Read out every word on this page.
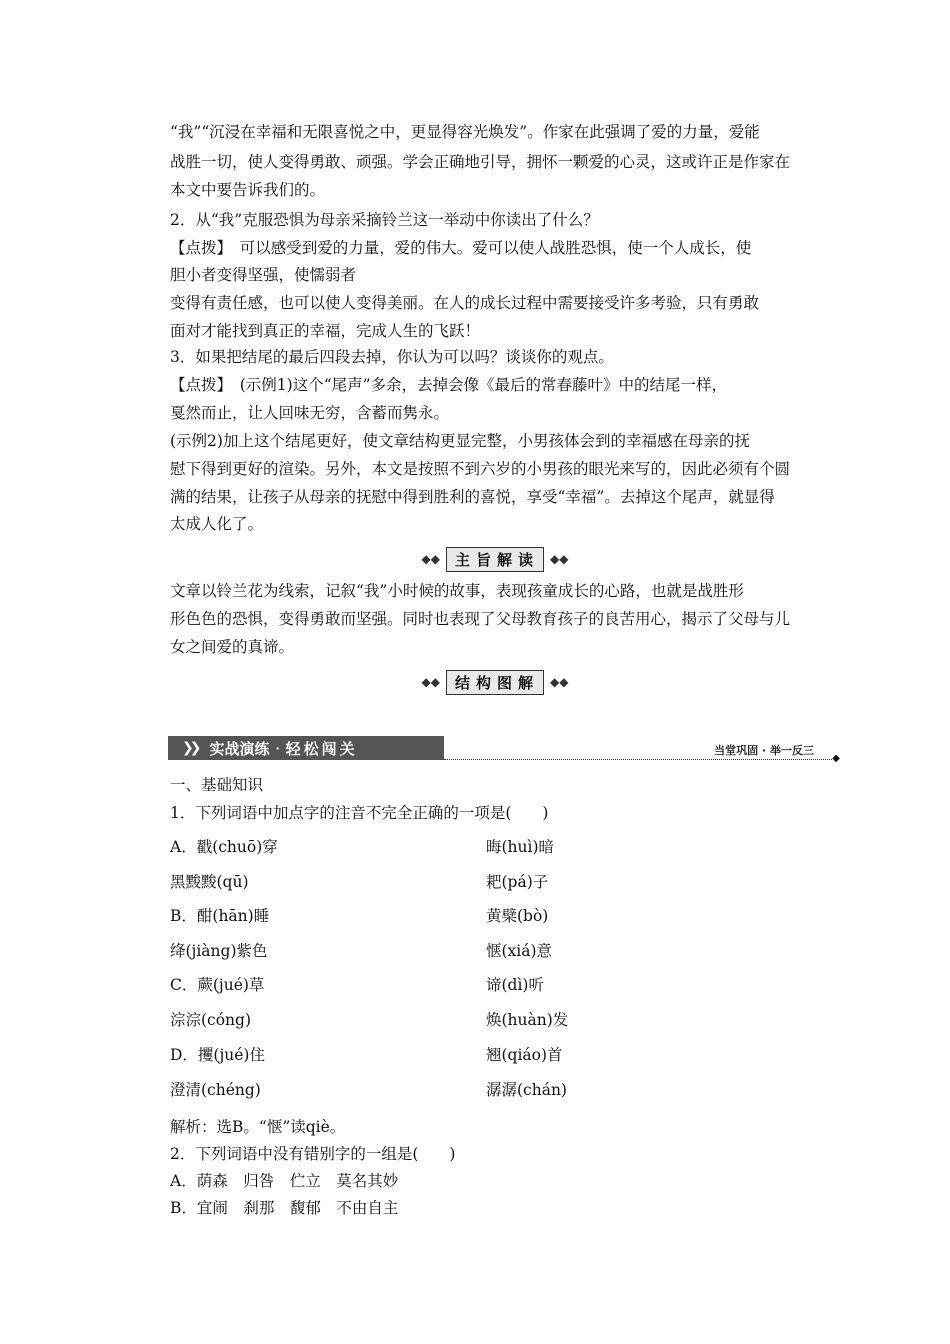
“我”“沉浸在幸福和无限喜悦之中，更显得容光焕发”。作家在此强调了爱的力量，爱能
战胜一切，使人变得勇敢、顽强。学会正确地引导，拥怀一颗爱的心灵，这或许正是作家在
本文中要告诉我们的。
2．从“我”克服恐惧为母亲采摘铃兰这一举动中你读出了什么？
【点拨】　可以感受到爱的力量，爱的伟大。爱可以使人战胜恐惧，使一个人成长，使
胆小者变得坚强，使懦弱者
变得有责任感，也可以使人变得美丽。在人的成长过程中需要接受许多考验，只有勇敢
面对才能找到真正的幸福，完成人生的飞跃！
3．如果把结尾的最后四段去掉，你认为可以吗？谈谈你的观点。
【点拨】　(示例1)这个“尾声”多余，去掉会像《最后的常春藤叶》中的结尾一样，
戛然而止，让人回味无穷，含蓄而隽永。
(示例2)加上这个结尾更好，使文章结构更显完整，小男孩体会到的幸福感在母亲的抚
慰下得到更好的渲染。另外，本文是按照不到六岁的小男孩的眼光来写的，因此必须有个圆
满的结果，让孩子从母亲的抚慰中得到胜利的喜悦，享受“幸福”。去掉这个尾声，就显得
太成人化了。
◆◆	主旨解读 ◆◆
文章以铃兰花为线索，记叙“我”小时候的故事，表现孩童成长的心路，也就是战胜形
形色色的恐惧，变得勇敢而坚强。同时也表现了父母教育孩子的良苦用心，揭示了父母与儿
女之间爱的真谛。
◆◆	结构图解 ◆◆
❯❯ 实战演练 · 轻松闯关	当堂巩固 · 举一反三
◆
一、基础知识
1．下列词语中加点字的注音不完全正确的一项是(　　)
A．戳(chuō)穿	晦(huì)暗
黑黢黢(qū)	耙(pá)子
B．酣(hān)睡	黄檗(bò)
绛(jiàng)紫色	惬(xiá)意
C．蕨(jué)草	谛(dì)听
淙淙(cóng)	焕(huàn)发
D．攫(jué)住	翘(qiáo)首
澄清(chéng)	潺潺(chán)
解析：选B。“惬”读qiè。
2．下列词语中没有错别字的一组是(　　)
A．荫森　归咎　伫立　莫名其妙
B．宜闹　刹那　馥郁　不由自主
